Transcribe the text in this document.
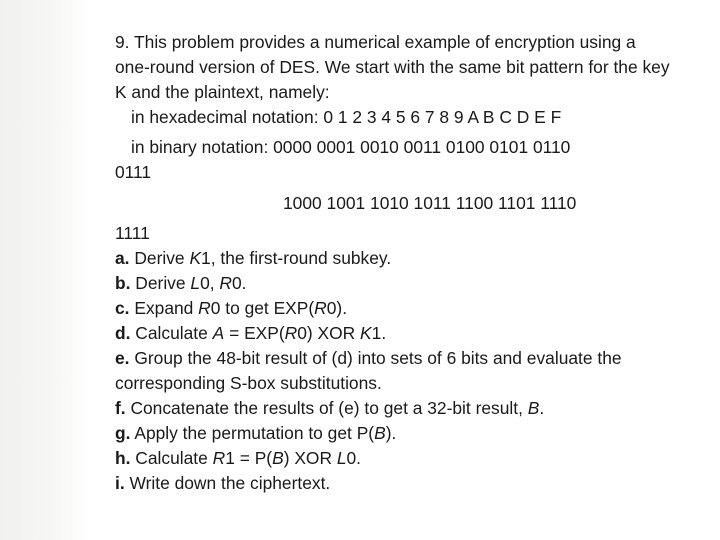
9. This problem provides a numerical example of encryption using a one-round version of DES. We start with the same bit pattern for the key K and the plaintext, namely:

in hexadecimal notation: 0 1 2 3 4 5 6 7 8 9 A B C D E F

in binary notation: 0000 0001 0010 0011 0100 0101 0110

0111

1000 1001 1010 1011 1100 1101 1110

1111

a. Derive K1, the first-round subkey.

b. Derive L0, R0.

c. Expand R0 to get EXP(R0).

d. Calculate A = EXP(R0) XOR K1.

e. Group the 48-bit result of (d) into sets of 6 bits and evaluate the corresponding S-box substitutions.

f. Concatenate the results of (e) to get a 32-bit result, B.

g. Apply the permutation to get P(B).

h. Calculate R1 = P(B) XOR L0.

i. Write down the ciphertext.
